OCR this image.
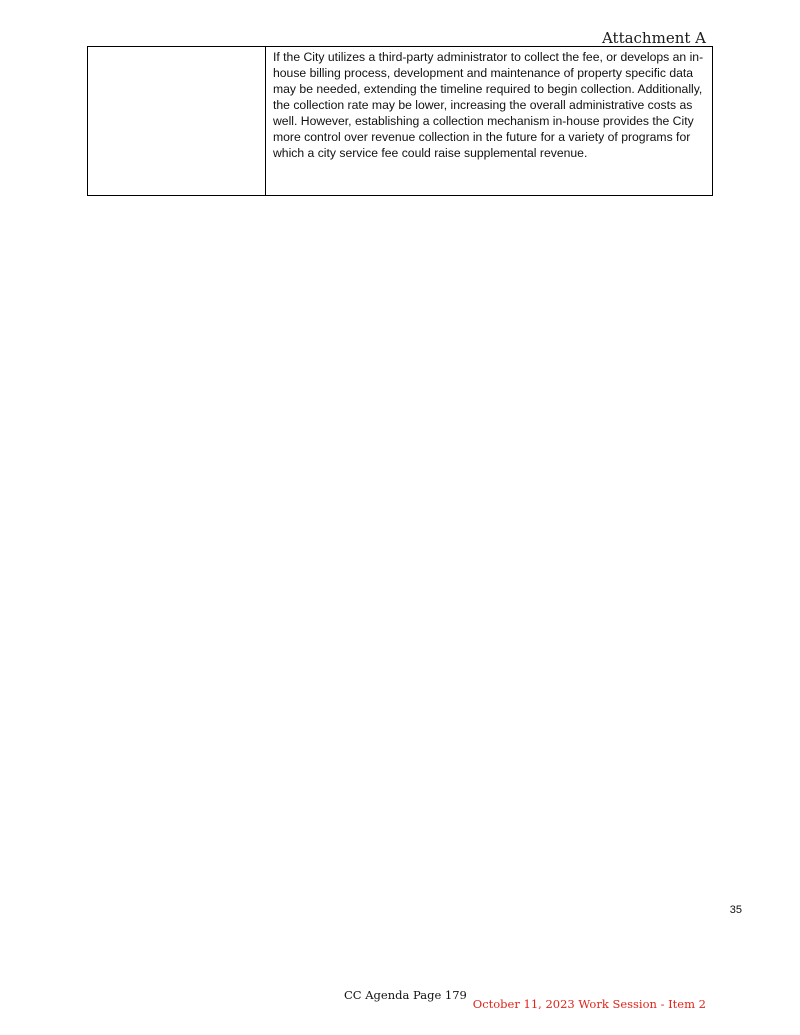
Attachment A
	If the City utilizes a third-party administrator to collect the fee, or develops an in-house billing process, development and maintenance of property specific data may be needed, extending the timeline required to begin collection. Additionally, the collection rate may be lower, increasing the overall administrative costs as well. However, establishing a collection mechanism in-house provides the City more control over revenue collection in the future for a variety of programs for which a city service fee could raise supplemental revenue.
35
CC Agenda Page 179
October 11, 2023 Work Session - Item 2
